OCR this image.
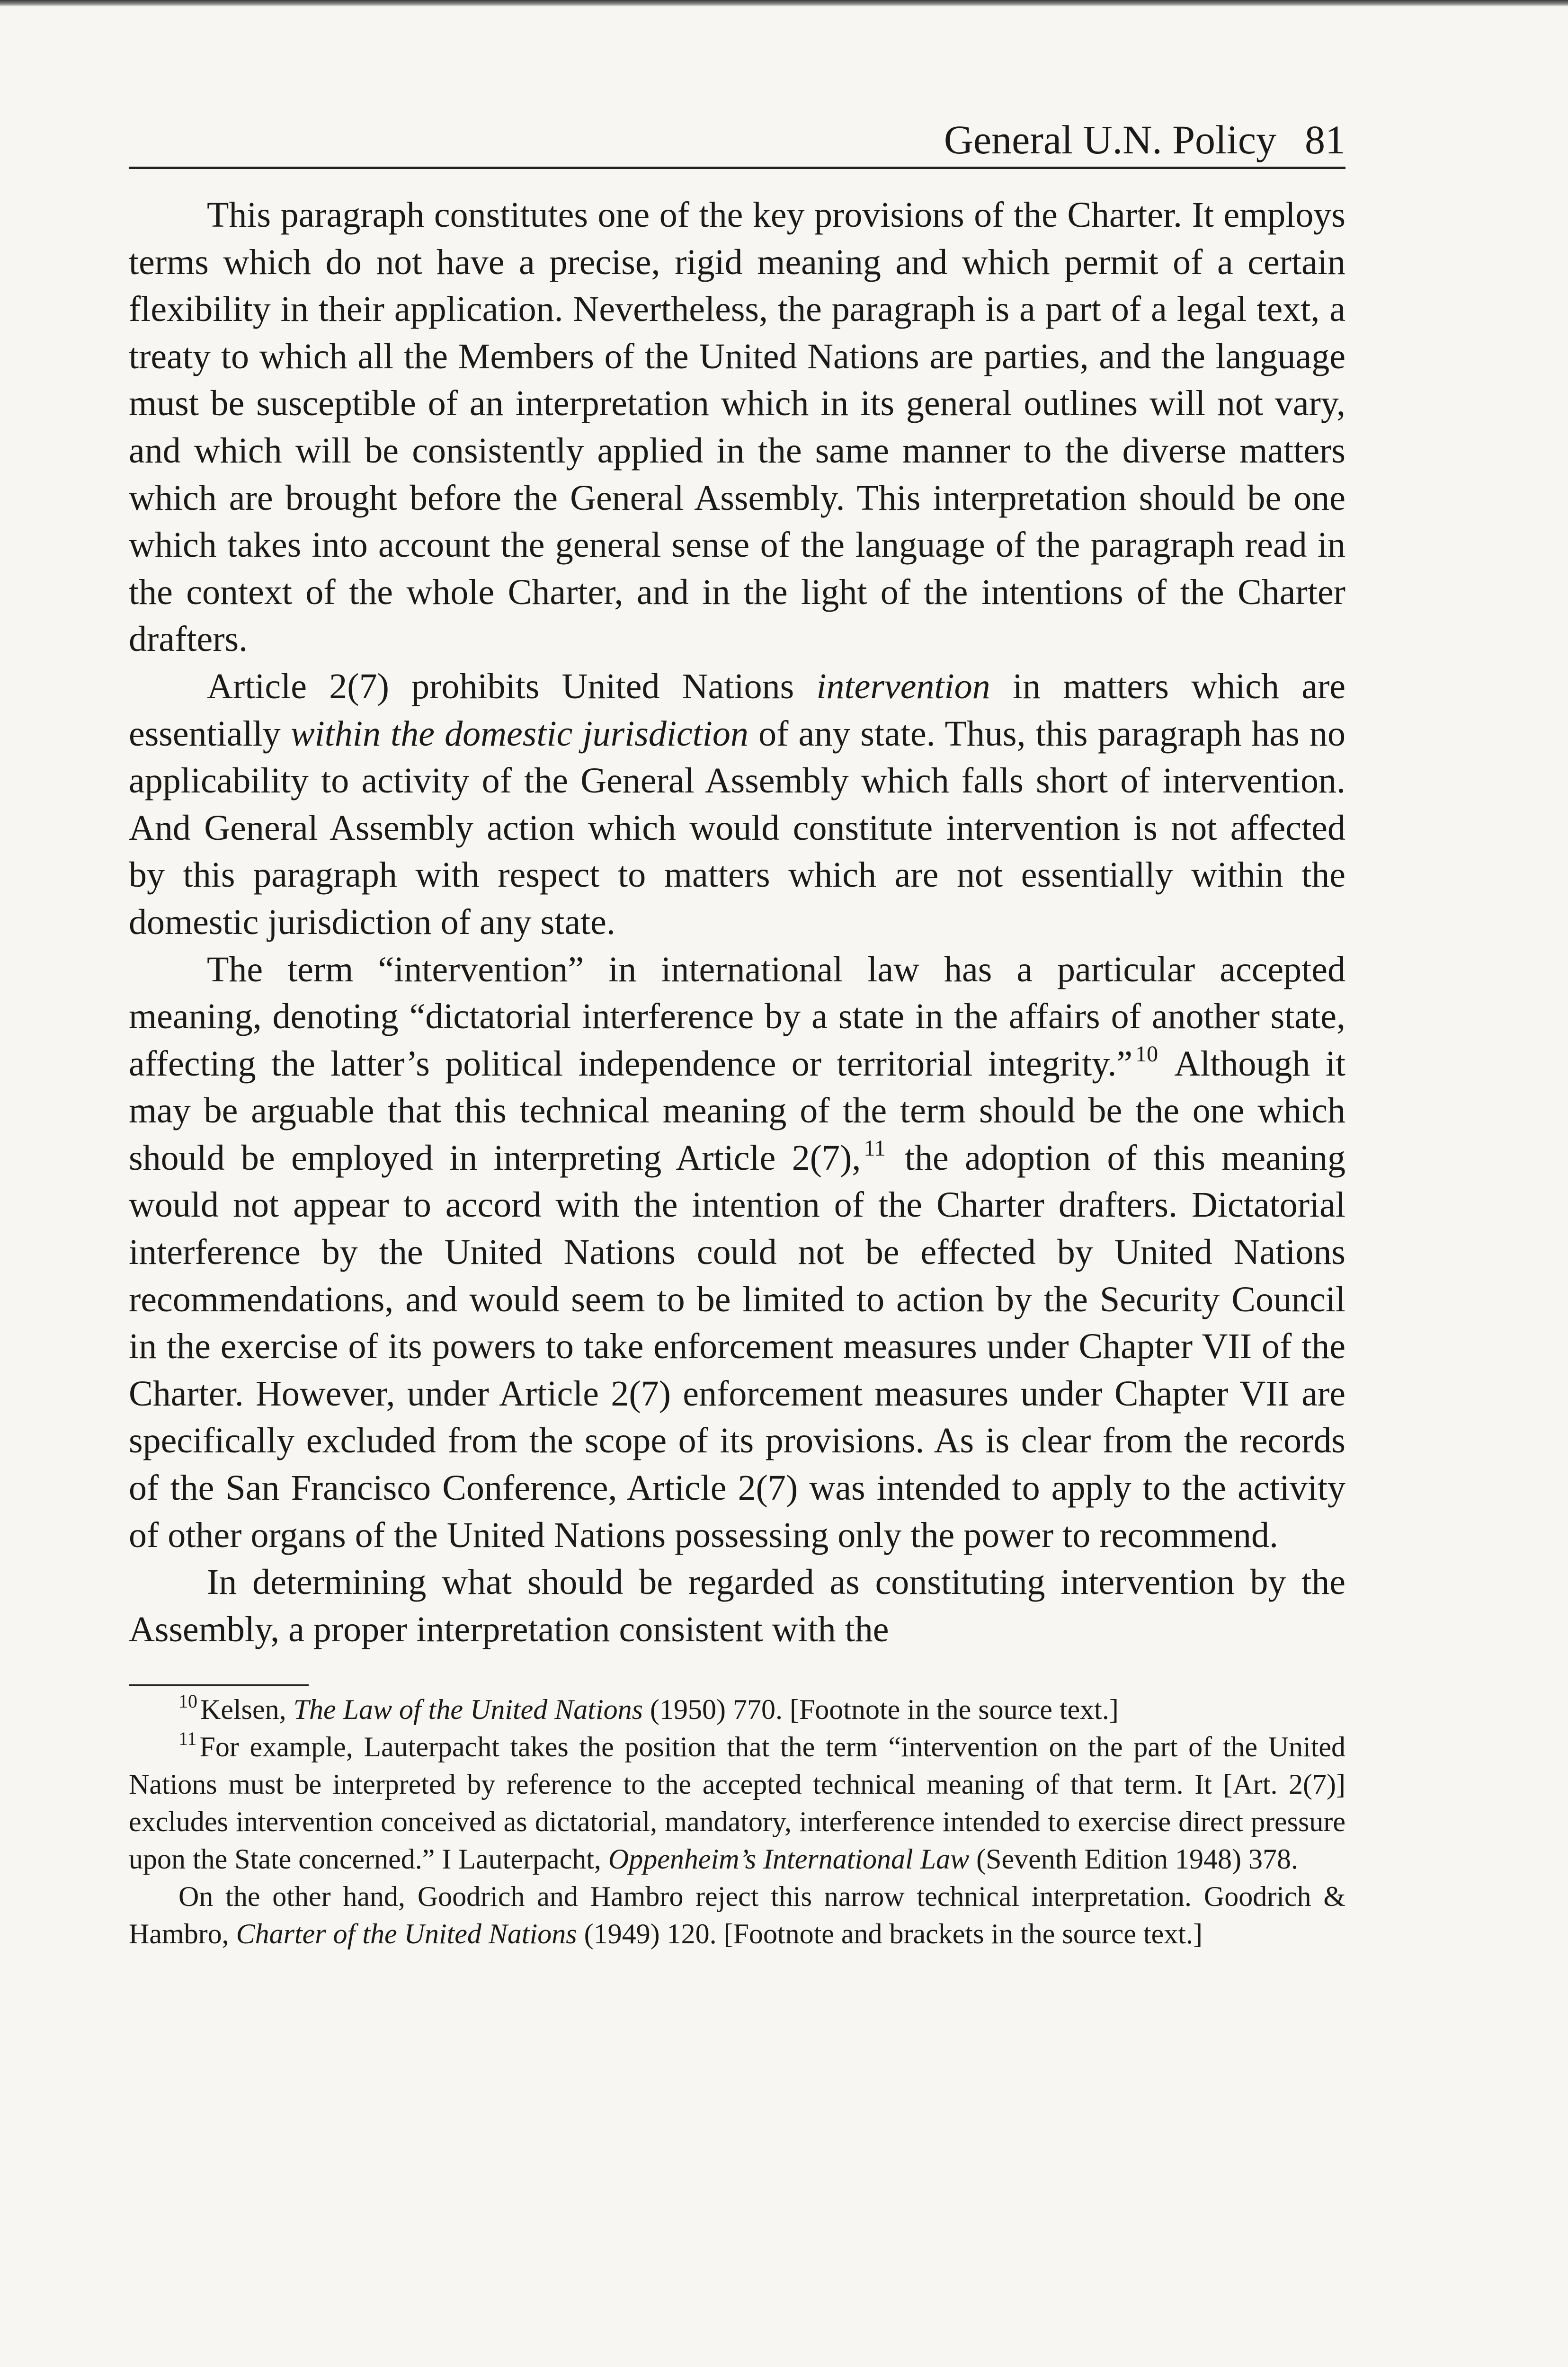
General U.N. Policy 81

This paragraph constitutes one of the key provisions of the Charter. It employs terms which do not have a precise, rigid meaning and which permit of a certain flexibility in their application. Nevertheless, the paragraph is a part of a legal text, a treaty to which all the Members of the United Nations are parties, and the language must be susceptible of an interpretation which in its general outlines will not vary, and which will be consistently applied in the same manner to the diverse matters which are brought before the General Assembly. This interpretation should be one which takes into account the general sense of the language of the paragraph read in the context of the whole Charter, and in the light of the intentions of the Charter drafters.

Article 2(7) prohibits United Nations intervention in matters which are essentially within the domestic jurisdiction of any state. Thus, this paragraph has no applicability to activity of the General Assembly which falls short of intervention. And General Assembly action which would constitute intervention is not affected by this paragraph with respect to matters which are not essentially within the domestic jurisdiction of any state.

The term “intervention” in international law has a particular accepted meaning, denoting “dictatorial interference by a state in the affairs of another state, affecting the latter’s political independence or territorial integrity.” $^{10}$ Although it may be arguable that this technical meaning of the term should be the one which should be employed in interpreting Article 2(7), $^{11}$ the adoption of this meaning would not appear to accord with the intention of the Charter drafters. Dictatorial interference by the United Nations could not be effected by United Nations recommendations, and would seem to be limited to action by the Security Council in the exercise of its powers to take enforcement measures under Chapter VII of the Charter. However, under Article 2(7) enforcement measures under Chapter VII are specifically excluded from the scope of its provisions. As is clear from the records of the San Francisco Conference, Article 2(7) was intended to apply to the activity of other organs of the United Nations possessing only the power to recommend.

In determining what should be regarded as constituting intervention by the Assembly, a proper interpretation consistent with the

$^{10}$ Kelsen, The Law of the United Nations (1950) 770. [Footnote in the source text.]

$^{11}$ For example, Lauterpacht takes the position that the term “intervention on the part of the United Nations must be interpreted by reference to the accepted technical meaning of that term. It [Art. 2(7)] excludes intervention conceived as dictatorial, mandatory, interference intended to exercise direct pressure upon the State concerned.” I Lauterpacht, Oppenheim’s International Law (Seventh Edition 1948) 378.

On the other hand, Goodrich and Hambro reject this narrow technical interpretation. Goodrich & Hambro, Charter of the United Nations (1949) 120. [Footnote and brackets in the source text.]
